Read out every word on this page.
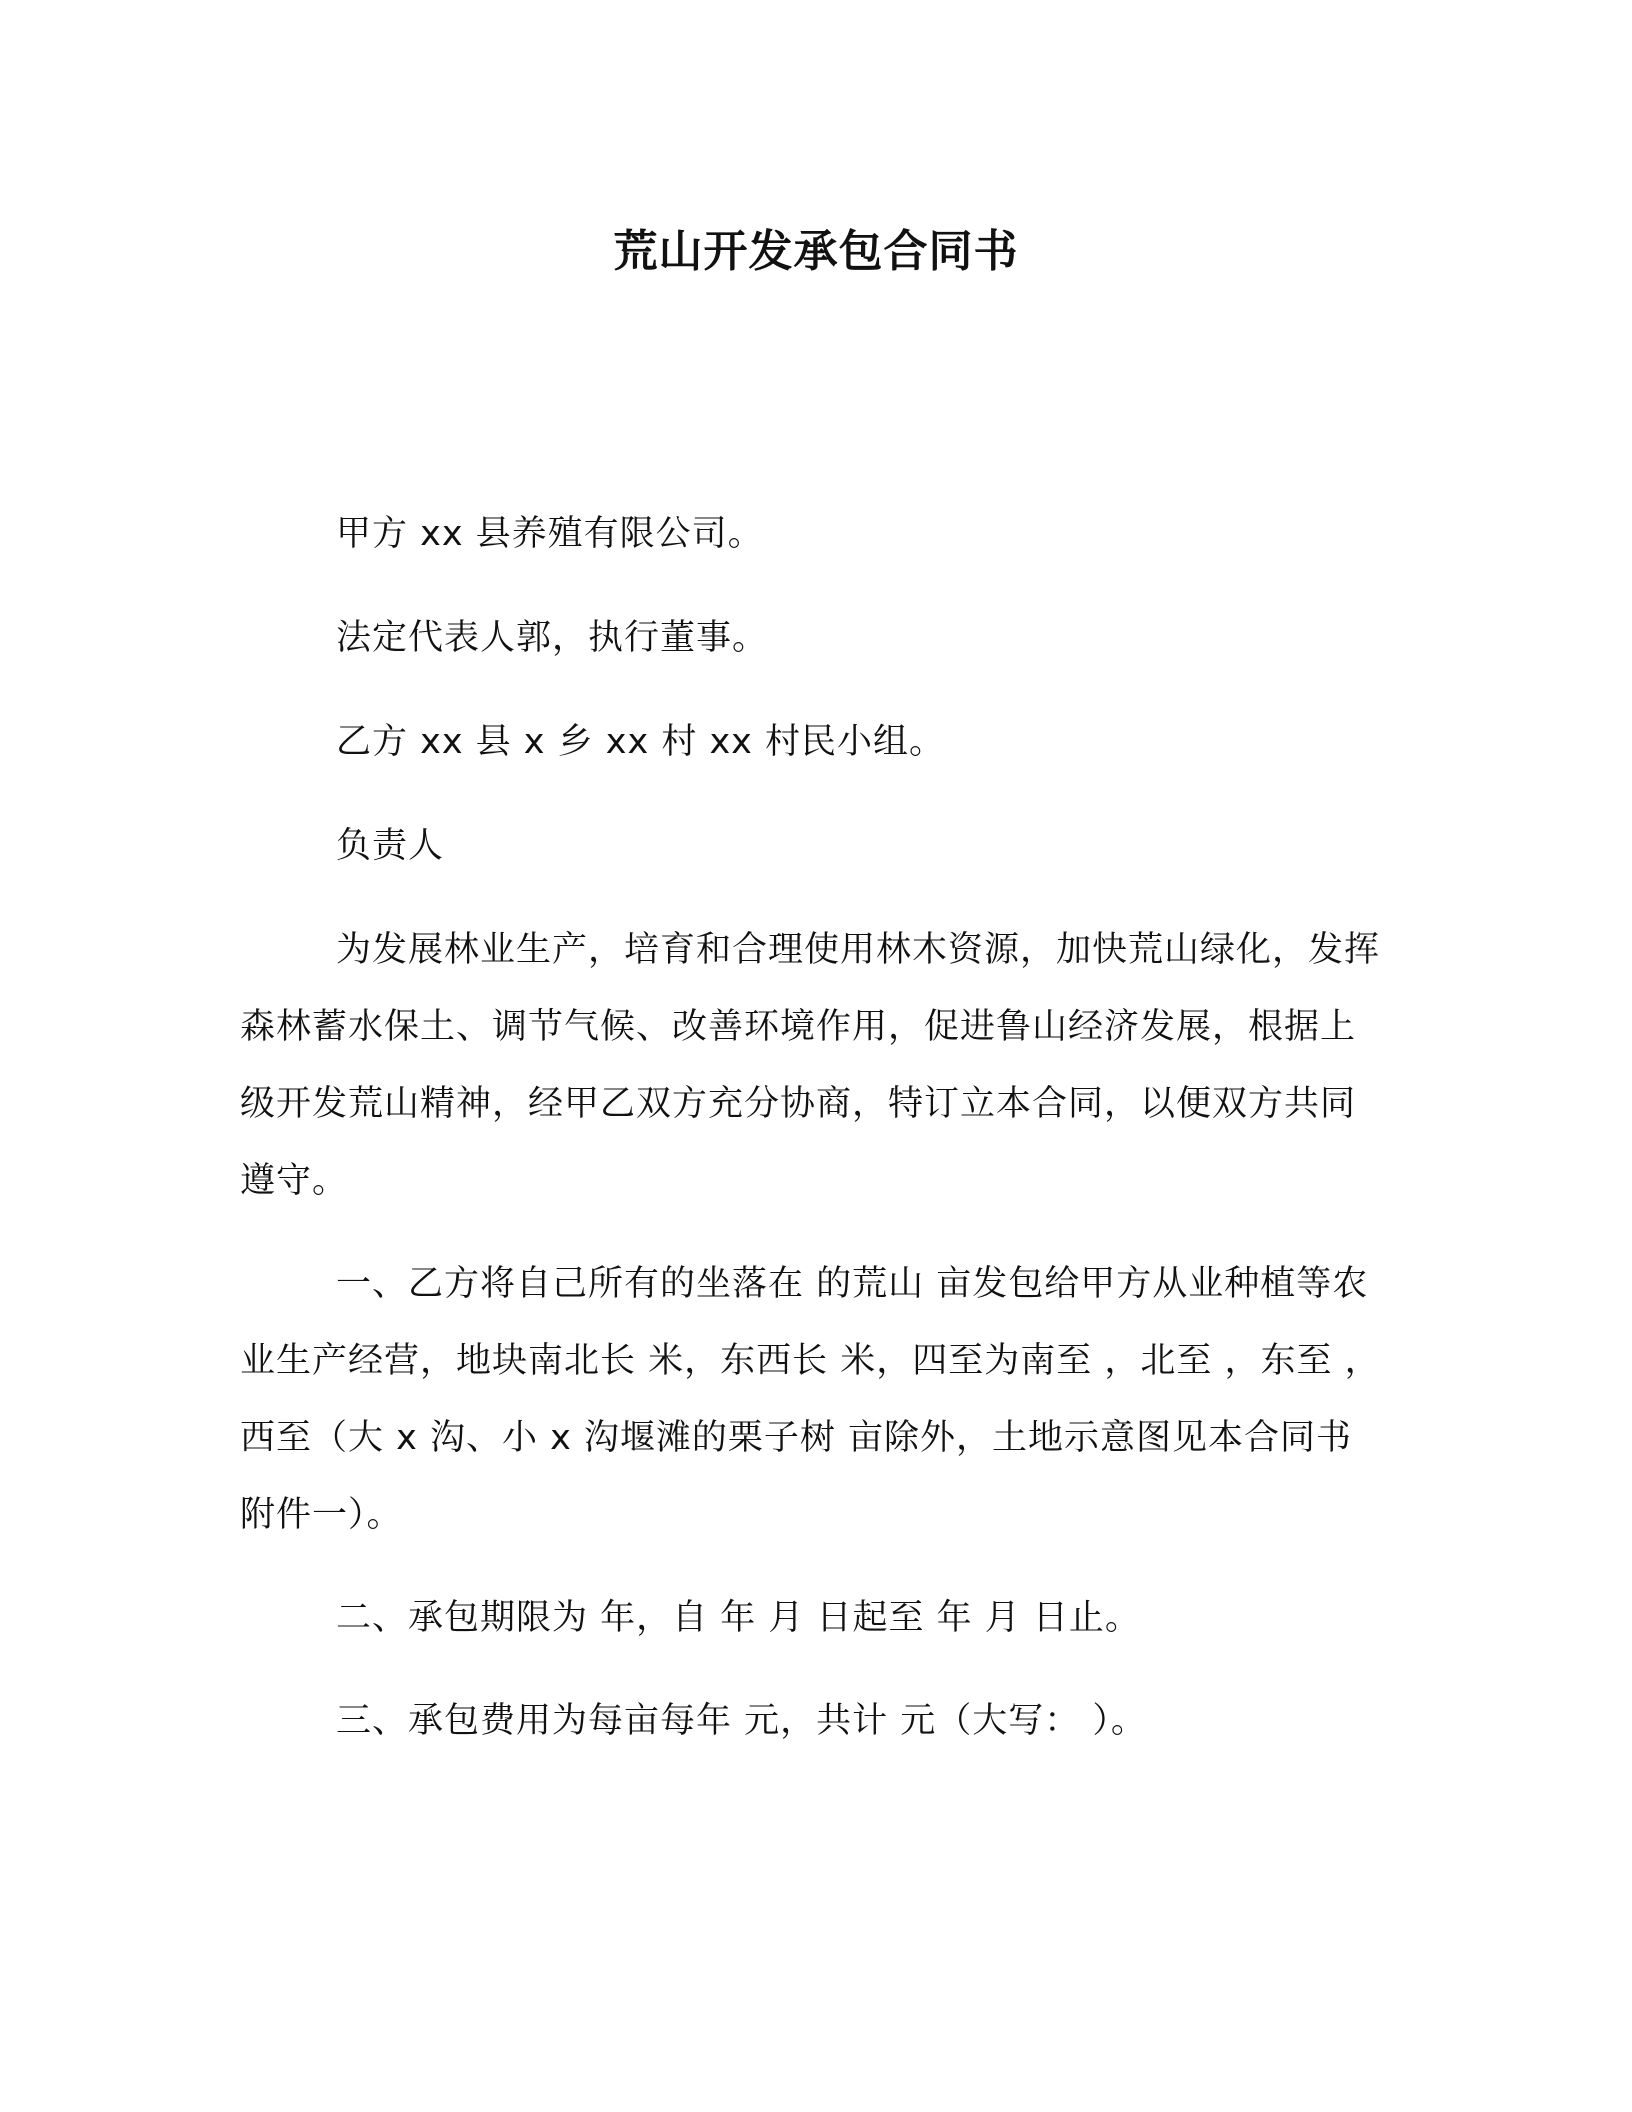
荒山开发承包合同书

甲方 xx 县养殖有限公司。

法定代表人郭，执行董事。

乙方 xx 县 x 乡 xx 村 xx 村民小组。

负责人

为发展林业生产，培育和合理使用林木资源，加快荒山绿化，发挥森林蓄水保土、调节气候、改善环境作用，促进鲁山经济发展，根据上级开发荒山精神，经甲乙双方充分协商，特订立本合同，以便双方共同遵守。

一、乙方将自己所有的坐落在 的荒山 亩发包给甲方从业种植等农业生产经营，地块南北长 米，东西长 米，四至为南至 ，北至 ，东至 ，西至（大 x 沟、小 x 沟堰滩的栗子树 亩除外，土地示意图见本合同书附件一）。

二、承包期限为 年，自 年 月 日起至 年 月 日止。

三、承包费用为每亩每年 元，共计 元（大写： ）。
